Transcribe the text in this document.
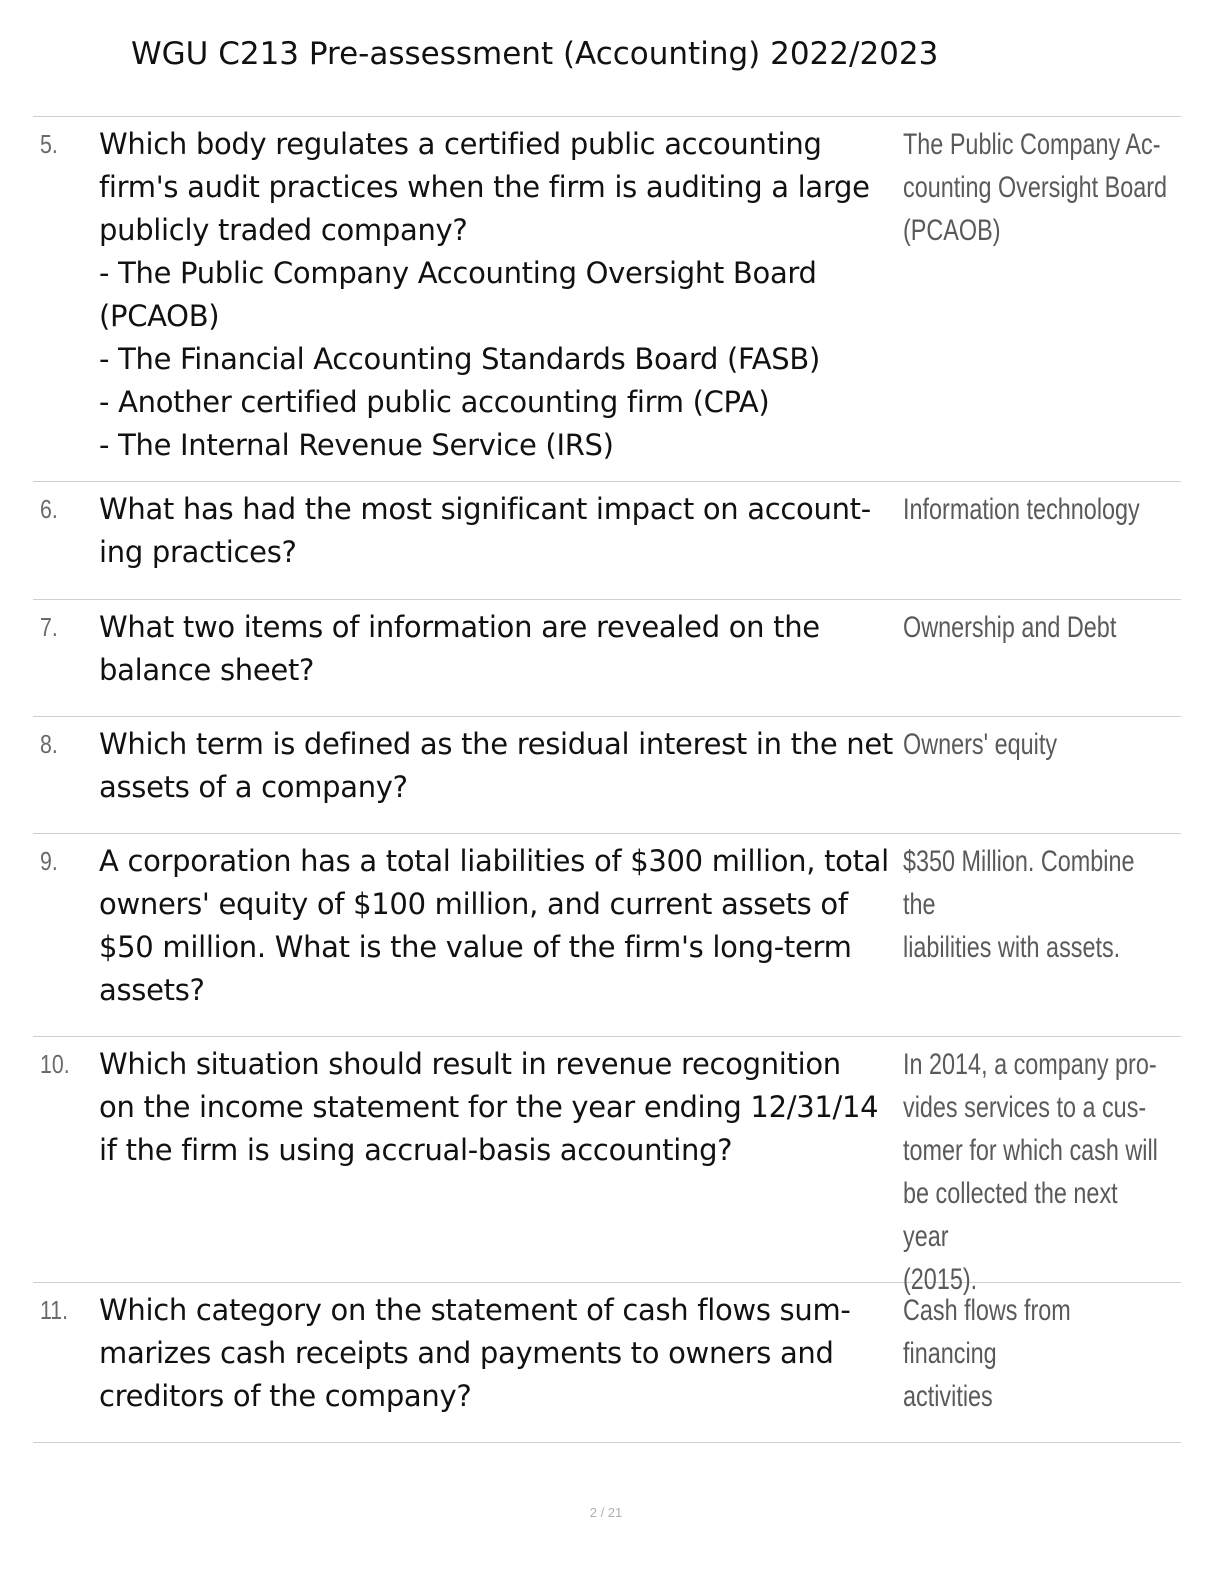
WGU C213 Pre-assessment (Accounting) 2022/2023
5. Which body regulates a certified public accounting
firm's audit practices when the firm is auditing a large
publicly traded company?
- The Public Company Accounting Oversight Board (PCAOB)
- The Financial Accounting Standards Board (FASB)
- Another certified public accounting firm (CPA)
- The Internal Revenue Service (IRS)
The Public Company Ac-
counting Oversight Board
(PCAOB)
6. What has had the most significant impact on account-
ing practices?
Information technology
7. What two items of information are revealed on the
balance sheet?
Ownership and Debt
8. Which term is defined as the residual interest in the net
assets of a company?
Owners' equity
9. A corporation has a total liabilities of $300 million, total
owners' equity of $100 million, and current assets of
$50 million. What is the value of the firm's long-term
assets?
$350 Million. Combine the
liabilities with assets.
10. Which situation should result in revenue recognition
on the income statement for the year ending 12/31/14
if the firm is using accrual-basis accounting?
In 2014, a company pro-
vides services to a cus-
tomer for which cash will
be collected the next year
(2015).
11. Which category on the statement of cash flows sum-
marizes cash receipts and payments to owners and
creditors of the company?
Cash flows from financing
activities
2 / 21
